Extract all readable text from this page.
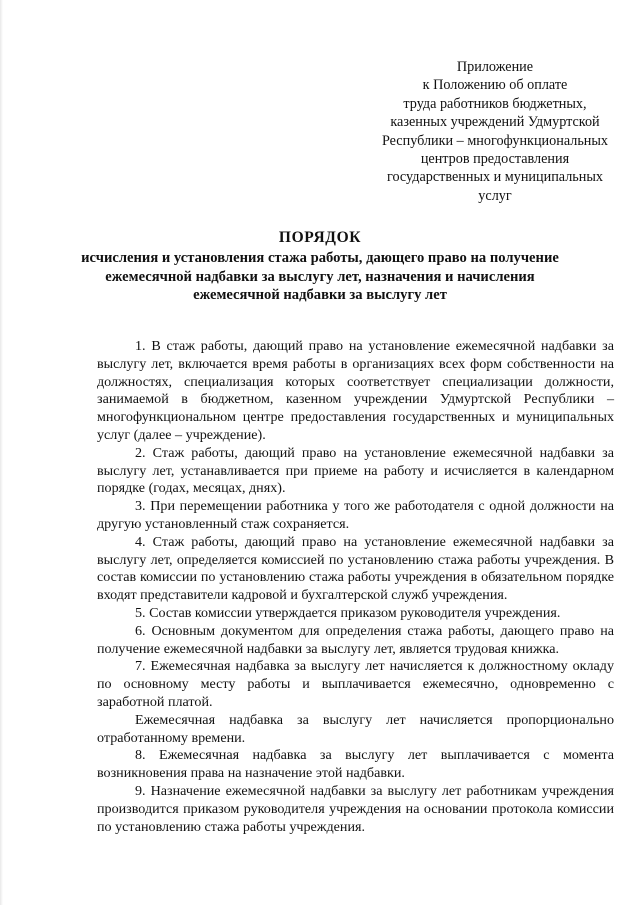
Приложение
к Положению об оплате
труда работников бюджетных,
казенных учреждений Удмуртской
Республики – многофункциональных
центров предоставления
государственных и муниципальных
услуг
ПОРЯДОК
исчисления и установления стажа работы, дающего право на получение
ежемесячной надбавки за выслугу лет, назначения и начисления
ежемесячной надбавки за выслугу лет

1. В стаж работы, дающий право на установление ежемесячной надбавки за выслугу лет, включается время работы в организациях всех форм собственности на должностях, специализация которых соответствует специализации должности, занимаемой в бюджетном, казенном учреждении Удмуртской Республики – многофункциональном центре предоставления государственных и муниципальных услуг (далее – учреждение).

2. Стаж работы, дающий право на установление ежемесячной надбавки за выслугу лет, устанавливается при приеме на работу и исчисляется в календарном порядке (годах, месяцах, днях).

3. При перемещении работника у того же работодателя с одной должности на другую установленный стаж сохраняется.

4. Стаж работы, дающий право на установление ежемесячной надбавки за выслугу лет, определяется комиссией по установлению стажа работы учреждения. В состав комиссии по установлению стажа работы учреждения в обязательном порядке входят представители кадровой и бухгалтерской служб учреждения.

5. Состав комиссии утверждается приказом руководителя учреждения.

6. Основным документом для определения стажа работы, дающего право на получение ежемесячной надбавки за выслугу лет, является трудовая книжка.

7. Ежемесячная надбавка за выслугу лет начисляется к должностному окладу по основному месту работы и выплачивается ежемесячно, одновременно с заработной платой.

Ежемесячная надбавка за выслугу лет начисляется пропорционально отработанному времени.

8. Ежемесячная надбавка за выслугу лет выплачивается с момента возникновения права на назначение этой надбавки.

9. Назначение ежемесячной надбавки за выслугу лет работникам учреждения производится приказом руководителя учреждения на основании протокола комиссии по установлению стажа работы учреждения.
